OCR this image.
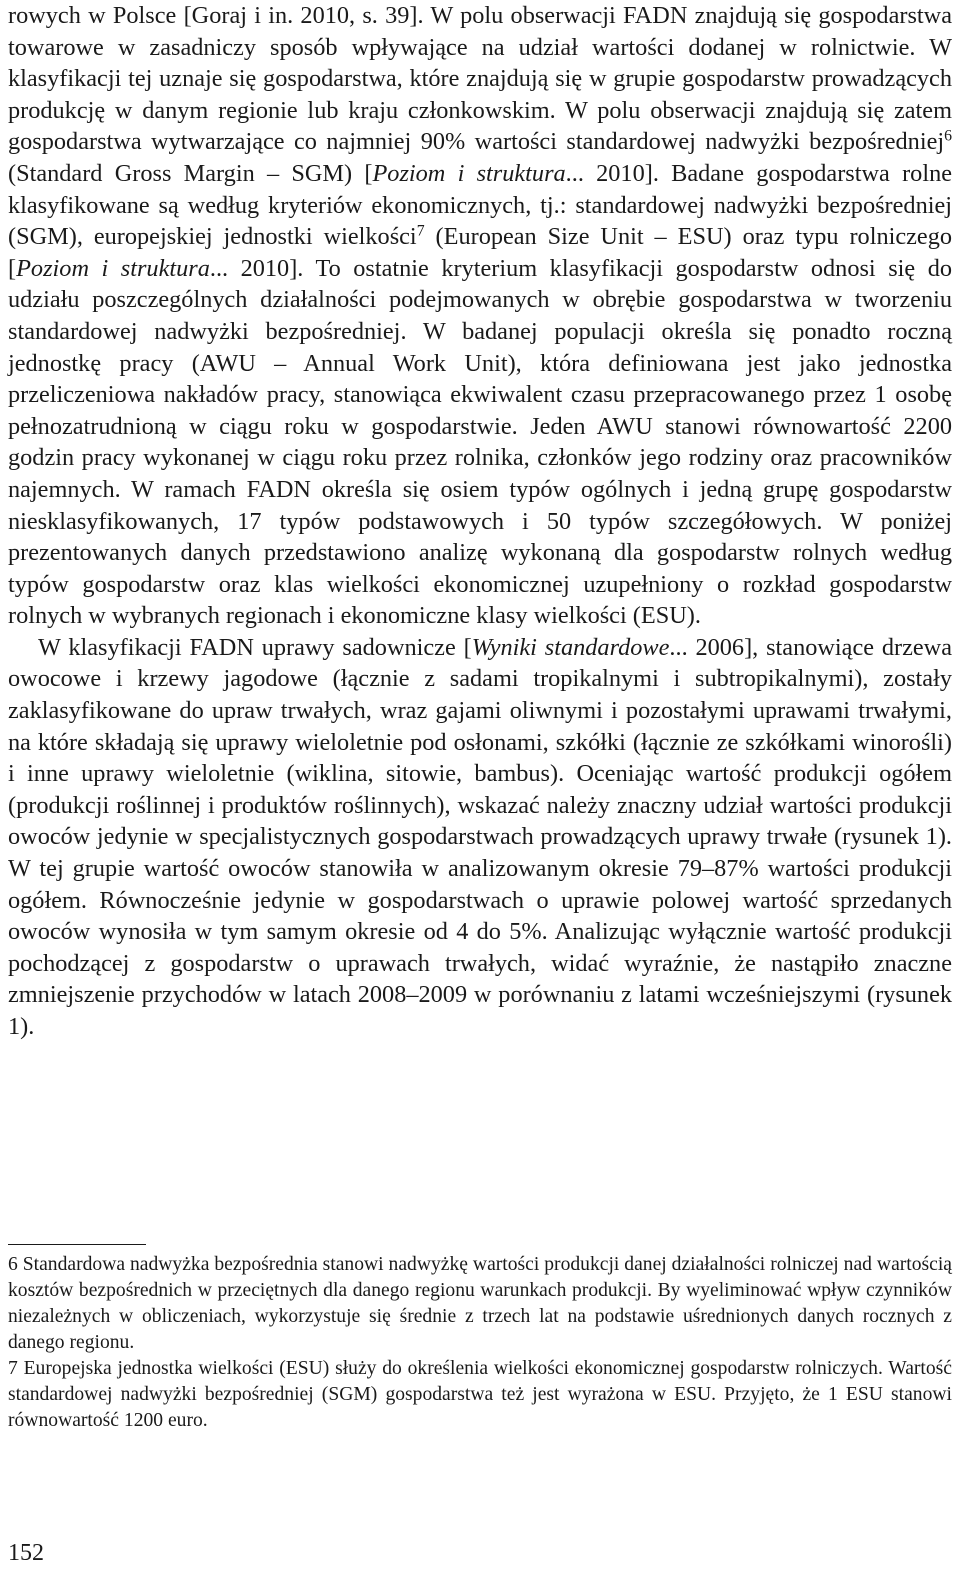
rowych w Polsce [Goraj i in. 2010, s. 39]. W polu obserwacji FADN znajdują się gospodarstwa towarowe w zasadniczy sposób wpływające na udział wartości dodanej w rolnictwie. W klasyfikacji tej uznaje się gospodarstwa, które znajdują się w grupie gospodarstw prowadzących produkcję w danym regionie lub kraju członkowskim. W polu obserwacji znajdują się zatem gospodarstwa wytwarzające co najmniej 90% wartości standardowej nadwyżki bezpośredniej$^6$ (Standard Gross Margin – SGM) [Poziom i struktura... 2010]. Badane gospodarstwa rolne klasyfikowane są według kryteriów ekonomicznych, tj.: standardowej nadwyżki bezpośredniej (SGM), europejskiej jednostki wielkości$^7$ (European Size Unit – ESU) oraz typu rolniczego [Poziom i struktura... 2010]. To ostatnie kryterium klasyfikacji gospodarstw odnosi się do udziału poszczególnych działalności podejmowanych w obrębie gospodarstwa w tworzeniu standardowej nadwyżki bezpośredniej. W badanej populacji określa się ponadto roczną jednostkę pracy (AWU – Annual Work Unit), która definiowana jest jako jednostka przeliczeniowa nakładów pracy, stanowiąca ekwiwalent czasu przepracowanego przez 1 osobę pełnozatrudnioną w ciągu roku w gospodarstwie. Jeden AWU stanowi równowartość 2200 godzin pracy wykonanej w ciągu roku przez rolnika, członków jego rodziny oraz pracowników najemnych. W ramach FADN określa się osiem typów ogólnych i jedną grupę gospodarstw niesklasyfikowanych, 17 typów podstawowych i 50 typów szczegółowych. W poniżej prezentowanych danych przedstawiono analizę wykonaną dla gospodarstw rolnych według typów gospodarstw oraz klas wielkości ekonomicznej uzupełniony o rozkład gospodarstw rolnych w wybranych regionach i ekonomiczne klasy wielkości (ESU).

W klasyfikacji FADN uprawy sadownicze [Wyniki standardowe... 2006], stanowiące drzewa owocowe i krzewy jagodowe (łącznie z sadami tropikalnymi i subtropikalnymi), zostały zaklasyfikowane do upraw trwałych, wraz gajami oliwnymi i pozostałymi uprawami trwałymi, na które składają się uprawy wieloletnie pod osłonami, szkółki (łącznie ze szkółkami winorośli) i inne uprawy wieloletnie (wiklina, sitowie, bambus). Oceniając wartość produkcji ogółem (produkcji roślinnej i produktów roślinnych), wskazać należy znaczny udział wartości produkcji owoców jedynie w specjalistycznych gospodarstwach prowadzących uprawy trwałe (rysunek 1). W tej grupie wartość owoców stanowiła w analizowanym okresie 79–87% wartości produkcji ogółem. Równocześnie jedynie w gospodarstwach o uprawie polowej wartość sprzedanych owoców wynosiła w tym samym okresie od 4 do 5%. Analizując wyłącznie wartość produkcji pochodzącej z gospodarstw o uprawach trwałych, widać wyraźnie, że nastąpiło znaczne zmniejszenie przychodów w latach 2008–2009 w porównaniu z latami wcześniejszymi (rysunek 1).

6 Standardowa nadwyżka bezpośrednia stanowi nadwyżkę wartości produkcji danej działalności rolniczej nad wartością kosztów bezpośrednich w przeciętnych dla danego regionu warunkach produkcji. By wyeliminować wpływ czynników niezależnych w obliczeniach, wykorzystuje się średnie z trzech lat na podstawie uśrednionych danych rocznych z danego regionu.

7 Europejska jednostka wielkości (ESU) służy do określenia wielkości ekonomicznej gospodarstw rolniczych. Wartość standardowej nadwyżki bezpośredniej (SGM) gospodarstwa też jest wyrażona w ESU. Przyjęto, że 1 ESU stanowi równowartość 1200 euro.

152
